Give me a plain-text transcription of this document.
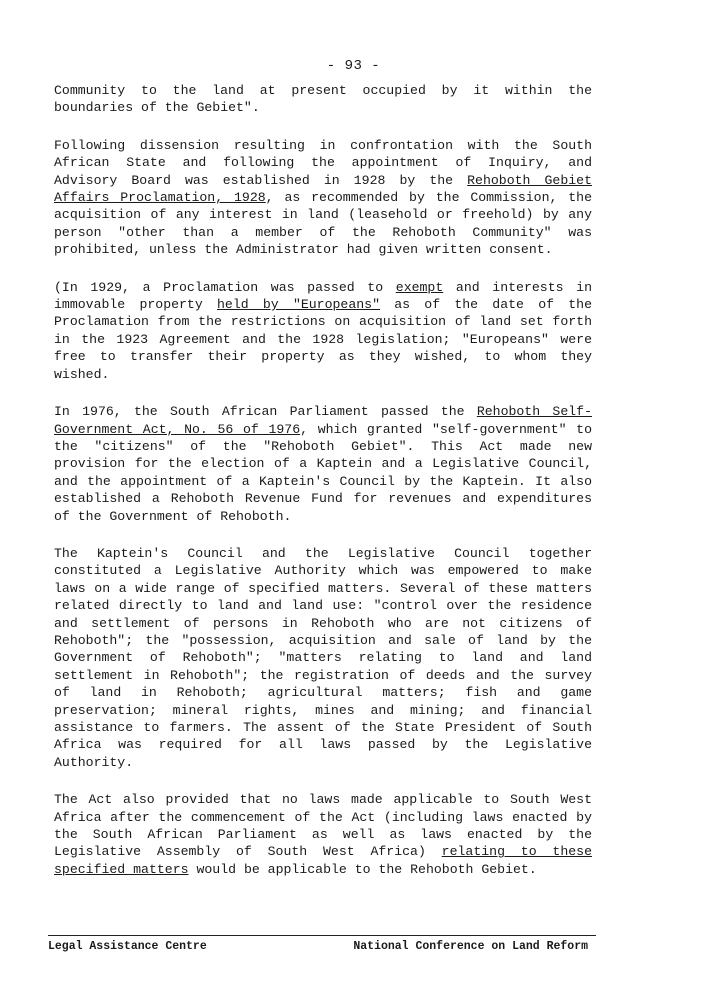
- 93 -

Community to the land at present occupied by it within the boundaries of the Gebiet".

Following dissension resulting in confrontation with the South African State and following the appointment of Inquiry, and Advisory Board was established in 1928 by the Rehoboth Gebiet Affairs Proclamation, 1928, as recommended by the Commission, the acquisition of any interest in land (leasehold or freehold) by any person "other than a member of the Rehoboth Community" was prohibited, unless the Administrator had given written consent.

(In 1929, a Proclamation was passed to exempt and interests in immovable property held by "Europeans" as of the date of the Proclamation from the restrictions on acquisition of land set forth in the 1923 Agreement and the 1928 legislation; "Europeans" were free to transfer their property as they wished, to whom they wished.

In 1976, the South African Parliament passed the Rehoboth Self-Government Act, No. 56 of 1976, which granted "self-government" to the "citizens" of the "Rehoboth Gebiet". This Act made new provision for the election of a Kaptein and a Legislative Council, and the appointment of a Kaptein's Council by the Kaptein. It also established a Rehoboth Revenue Fund for revenues and expenditures of the Government of Rehoboth.

The Kaptein's Council and the Legislative Council together constituted a Legislative Authority which was empowered to make laws on a wide range of specified matters. Several of these matters related directly to land and land use: "control over the residence and settlement of persons in Rehoboth who are not citizens of Rehoboth"; the "possession, acquisition and sale of land by the Government of Rehoboth"; "matters relating to land and land settlement in Rehoboth"; the registration of deeds and the survey of land in Rehoboth; agricultural matters; fish and game preservation; mineral rights, mines and mining; and financial assistance to farmers. The assent of the State President of South Africa was required for all laws passed by the Legislative Authority.

The Act also provided that no laws made applicable to South West Africa after the commencement of the Act (including laws enacted by the South African Parliament as well as laws enacted by the Legislative Assembly of South West Africa) relating to these specified matters would be applicable to the Rehoboth Gebiet.

Legal Assistance Centre	National Conference on Land Reform
